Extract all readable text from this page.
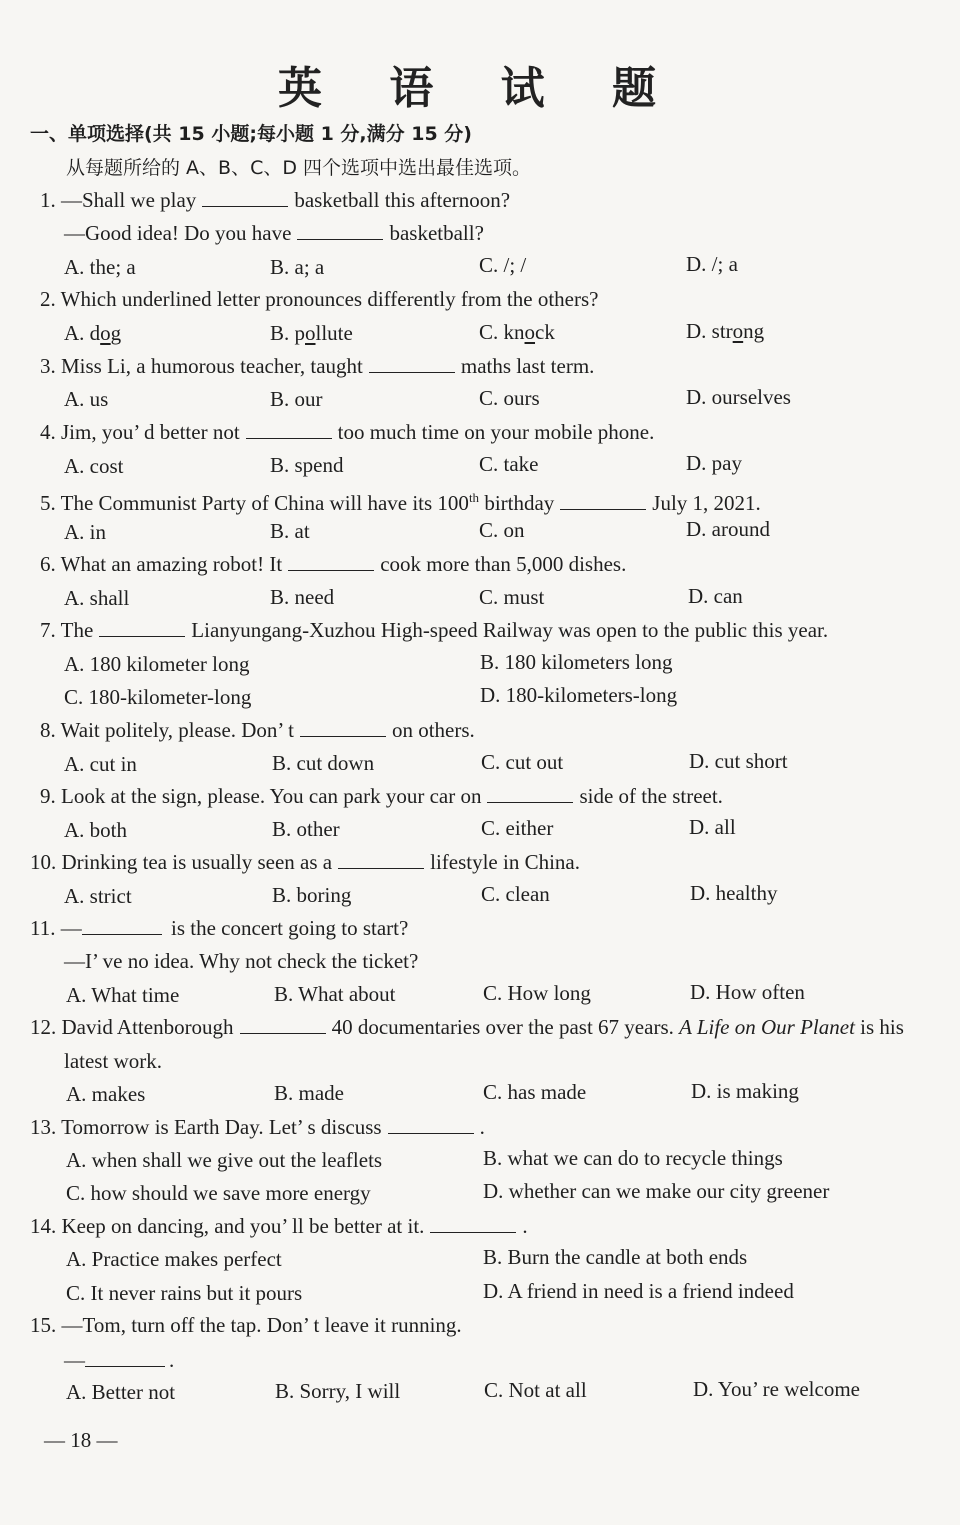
英 语 试 题
一、单项选择(共 15 小题;每小题 1 分,满分 15 分)
从每题所给的 A、B、C、D 四个选项中选出最佳选项。
1. —Shall we play	basketball this afternoon?
—Good idea! Do you have	basketball?
A. the; a	B. a; a	C. /; /	D. /; a
2. Which underlined letter pronounces differently from the others?
A. dog	B. pollute	C. knock	D. strong
3. Miss Li, a humorous teacher, taught	maths last term.
A. us	B. our	C. ours	D. ourselves
4. Jim, you’ d better not	too much time on your mobile phone.
A. cost	B. spend	C. take	D. pay
5. The Communist Party of China will have its 100th birthday	July 1, 2021.
A. in	B. at	C. on	D. around
6. What an amazing robot! It	cook more than 5,000 dishes.
A. shall	B. need	C. must	D. can
7. The	Lianyungang-Xuzhou High-speed Railway was open to the public this year.
A. 180 kilometer long	B. 180 kilometers long
C. 180-kilometer-long	D. 180-kilometers-long
8. Wait politely, please. Don’ t	on others.
A. cut in	B. cut down	C. cut out	D. cut short
9. Look at the sign, please. You can park your car on	side of the street.
A. both	B. other	C. either	D. all
10. Drinking tea is usually seen as a	lifestyle in China.
A. strict	B. boring	C. clean	D. healthy
11. —	is the concert going to start?
—I’ ve no idea. Why not check the ticket?
A. What time	B. What about	C. How long	D. How often
12. David Attenborough	40 documentaries over the past 67 years. A Life on Our Planet is his
latest work.
A. makes	B. made	C. has made	D. is making
13. Tomorrow is Earth Day. Let’ s discuss	.
A. when shall we give out the leaflets	B. what we can do to recycle things
C. how should we save more energy	D. whether can we make our city greener
14. Keep on dancing, and you’ ll be better at it.	.
A. Practice makes perfect	B. Burn the candle at both ends
C. It never rains but it pours	D. A friend in need is a friend indeed
15. —Tom, turn off the tap. Don’ t leave it running.
—	.
A. Better not	B. Sorry, I will	C. Not at all	D. You’ re welcome
— 18 —
